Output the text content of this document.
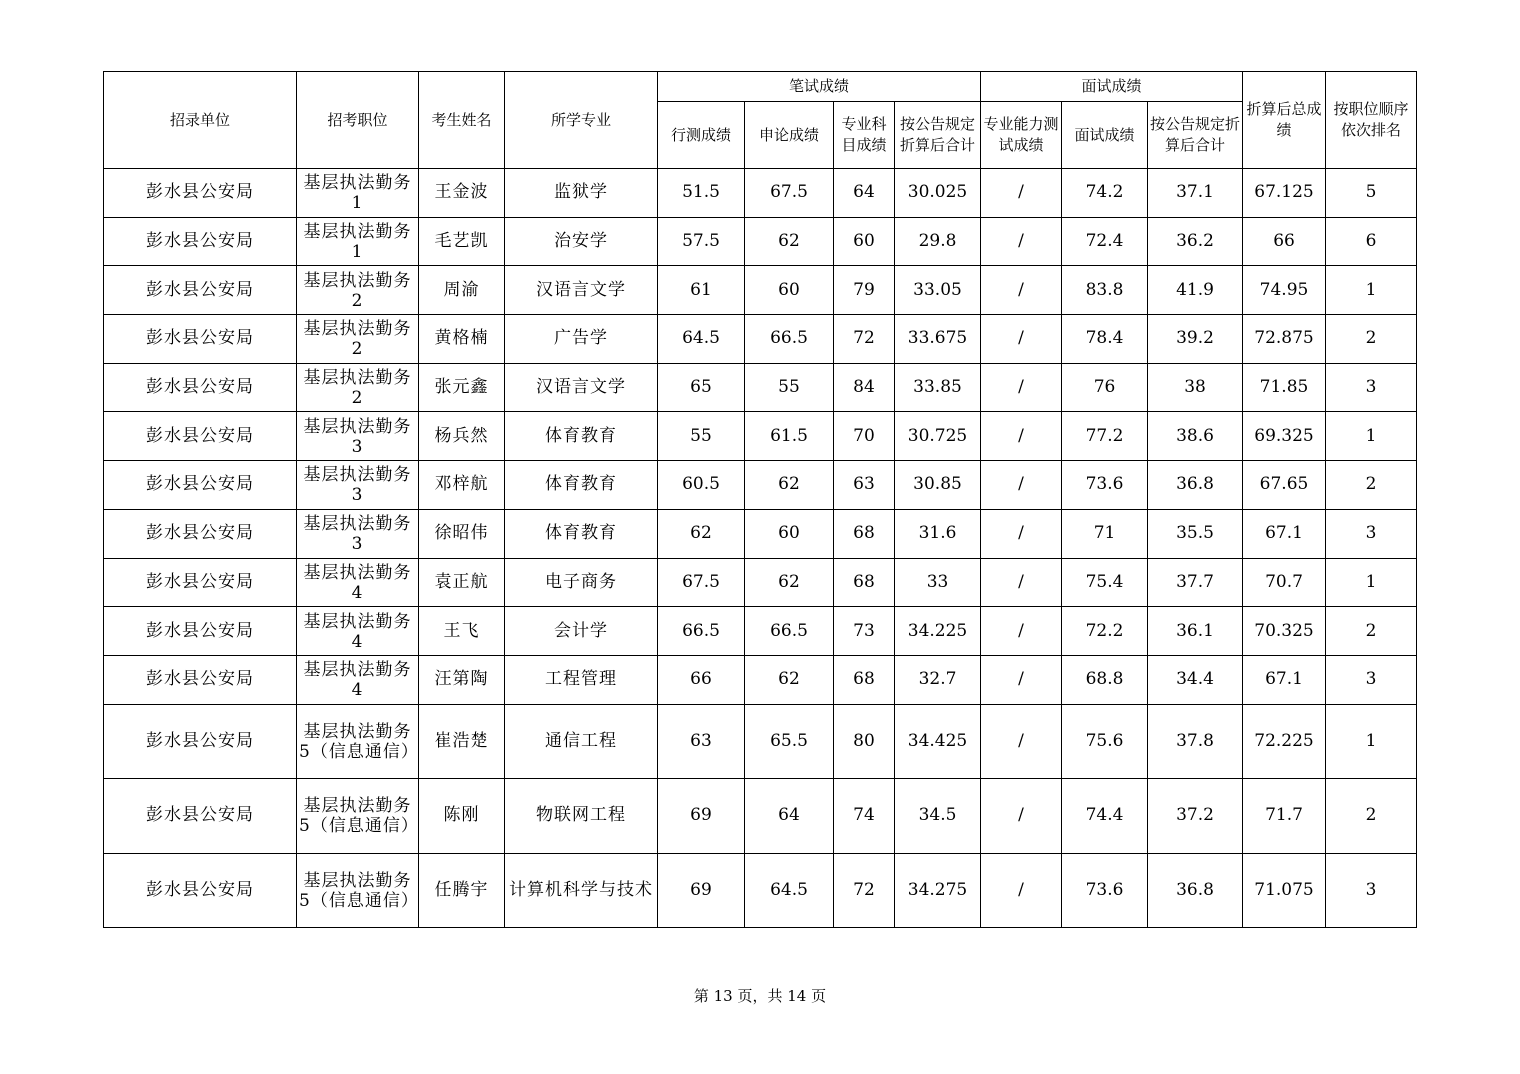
招录单位	招考职位	考生姓名	所学专业	笔试成绩				面试成绩			折算后总成绩	按职位顺序依次排名
				行测成绩	申论成绩	专业科目成绩	按公告规定折算后合计	专业能力测试成绩	面试成绩	按公告规定折算后合计		
彭水县公安局	基层执法勤务1	王金波	监狱学	51.5	67.5	64	30.025	/	74.2	37.1	67.125	5
彭水县公安局	基层执法勤务1	毛艺凯	治安学	57.5	62	60	29.8	/	72.4	36.2	66	6
彭水县公安局	基层执法勤务2	周渝	汉语言文学	61	60	79	33.05	/	83.8	41.9	74.95	1
彭水县公安局	基层执法勤务2	黄格楠	广告学	64.5	66.5	72	33.675	/	78.4	39.2	72.875	2
彭水县公安局	基层执法勤务2	张元鑫	汉语言文学	65	55	84	33.85	/	76	38	71.85	3
彭水县公安局	基层执法勤务3	杨兵然	体育教育	55	61.5	70	30.725	/	77.2	38.6	69.325	1
彭水县公安局	基层执法勤务3	邓梓航	体育教育	60.5	62	63	30.85	/	73.6	36.8	67.65	2
彭水县公安局	基层执法勤务3	徐昭伟	体育教育	62	60	68	31.6	/	71	35.5	67.1	3
彭水县公安局	基层执法勤务4	袁正航	电子商务	67.5	62	68	33	/	75.4	37.7	70.7	1
彭水县公安局	基层执法勤务4	王飞	会计学	66.5	66.5	73	34.225	/	72.2	36.1	70.325	2
彭水县公安局	基层执法勤务4	汪第陶	工程管理	66	62	68	32.7	/	68.8	34.4	67.1	3
彭水县公安局	基层执法勤务5（信息通信）	崔浩楚	通信工程	63	65.5	80	34.425	/	75.6	37.8	72.225	1
彭水县公安局	基层执法勤务5（信息通信）	陈刚	物联网工程	69	64	74	34.5	/	74.4	37.2	71.7	2
彭水县公安局	基层执法勤务5（信息通信）	任腾宇	计算机科学与技术	69	64.5	72	34.275	/	73.6	36.8	71.075	3
第 13 页，共 14 页
